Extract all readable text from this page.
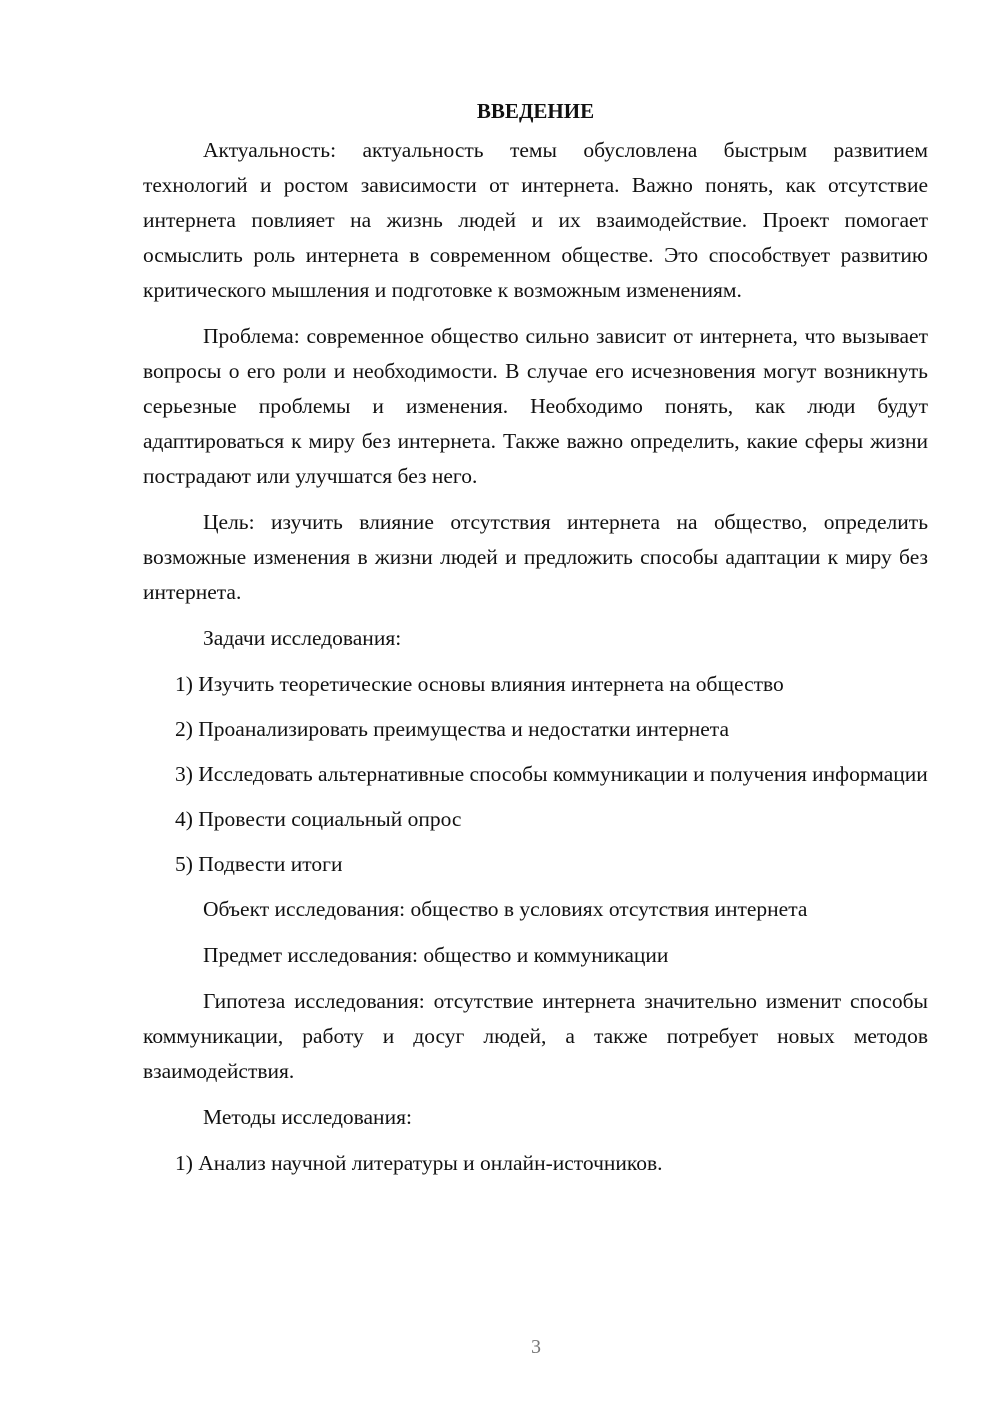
ВВЕДЕНИЕ

Актуальность: актуальность темы обусловлена быстрым развитием технологий и ростом зависимости от интернета. Важно понять, как отсутствие интернета повлияет на жизнь людей и их взаимодействие. Проект помогает осмыслить роль интернета в современном обществе. Это способствует развитию критического мышления и подготовке к возможным изменениям.

Проблема: современное общество сильно зависит от интернета, что вызывает вопросы о его роли и необходимости. В случае его исчезновения могут возникнуть серьезные проблемы и изменения. Необходимо понять, как люди будут адаптироваться к миру без интернета. Также важно определить, какие сферы жизни пострадают или улучшатся без него.

Цель: изучить влияние отсутствия интернета на общество, определить возможные изменения в жизни людей и предложить способы адаптации к миру без интернета.

Задачи исследования:

1) Изучить теоретические основы влияния интернета на общество

2) Проанализировать преимущества и недостатки интернета

3) Исследовать альтернативные способы коммуникации и получения информации

4) Провести социальный опрос

5) Подвести итоги

Объект исследования: общество в условиях отсутствия интернета

Предмет исследования: общество и коммуникации

Гипотеза исследования: отсутствие интернета значительно изменит способы коммуникации, работу и досуг людей, а также потребует новых методов взаимодействия.

Методы исследования:

1) Анализ научной литературы и онлайн-источников.

3
